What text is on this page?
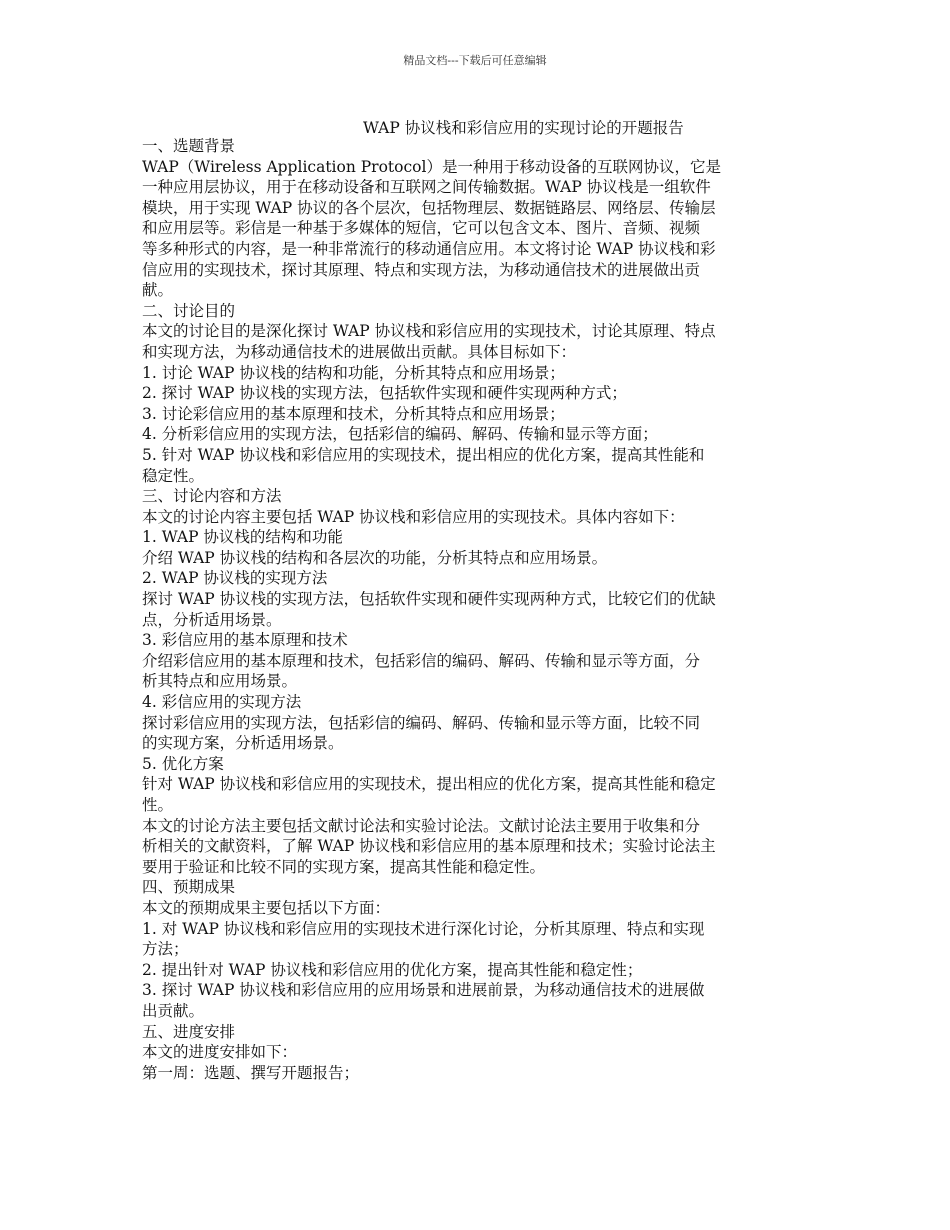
精品文档---下载后可任意编辑
WAP 协议栈和彩信应用的实现讨论的开题报告
一、选题背景
WAP（Wireless Application Protocol）是一种用于移动设备的互联网协议，它是
一种应用层协议，用于在移动设备和互联网之间传输数据。WAP 协议栈是一组软件
模块，用于实现 WAP 协议的各个层次，包括物理层、数据链路层、网络层、传输层
和应用层等。彩信是一种基于多媒体的短信，它可以包含文本、图片、音频、视频
等多种形式的内容，是一种非常流行的移动通信应用。本文将讨论 WAP 协议栈和彩
信应用的实现技术，探讨其原理、特点和实现方法，为移动通信技术的进展做出贡
献。
二、讨论目的
本文的讨论目的是深化探讨 WAP 协议栈和彩信应用的实现技术，讨论其原理、特点
和实现方法，为移动通信技术的进展做出贡献。具体目标如下：
1. 讨论 WAP 协议栈的结构和功能，分析其特点和应用场景；
2. 探讨 WAP 协议栈的实现方法，包括软件实现和硬件实现两种方式；
3. 讨论彩信应用的基本原理和技术，分析其特点和应用场景；
4. 分析彩信应用的实现方法，包括彩信的编码、解码、传输和显示等方面；
5. 针对 WAP 协议栈和彩信应用的实现技术，提出相应的优化方案，提高其性能和
稳定性。
三、讨论内容和方法
本文的讨论内容主要包括 WAP 协议栈和彩信应用的实现技术。具体内容如下：
1. WAP 协议栈的结构和功能
介绍 WAP 协议栈的结构和各层次的功能，分析其特点和应用场景。
2. WAP 协议栈的实现方法
探讨 WAP 协议栈的实现方法，包括软件实现和硬件实现两种方式，比较它们的优缺
点，分析适用场景。
3. 彩信应用的基本原理和技术
介绍彩信应用的基本原理和技术，包括彩信的编码、解码、传输和显示等方面，分
析其特点和应用场景。
4. 彩信应用的实现方法
探讨彩信应用的实现方法，包括彩信的编码、解码、传输和显示等方面，比较不同
的实现方案，分析适用场景。
5. 优化方案
针对 WAP 协议栈和彩信应用的实现技术，提出相应的优化方案，提高其性能和稳定
性。
本文的讨论方法主要包括文献讨论法和实验讨论法。文献讨论法主要用于收集和分
析相关的文献资料，了解 WAP 协议栈和彩信应用的基本原理和技术；实验讨论法主
要用于验证和比较不同的实现方案，提高其性能和稳定性。
四、预期成果
本文的预期成果主要包括以下方面：
1. 对 WAP 协议栈和彩信应用的实现技术进行深化讨论，分析其原理、特点和实现
方法；
2. 提出针对 WAP 协议栈和彩信应用的优化方案，提高其性能和稳定性；
3. 探讨 WAP 协议栈和彩信应用的应用场景和进展前景，为移动通信技术的进展做
出贡献。
五、进度安排
本文的进度安排如下：
第一周：选题、撰写开题报告；
